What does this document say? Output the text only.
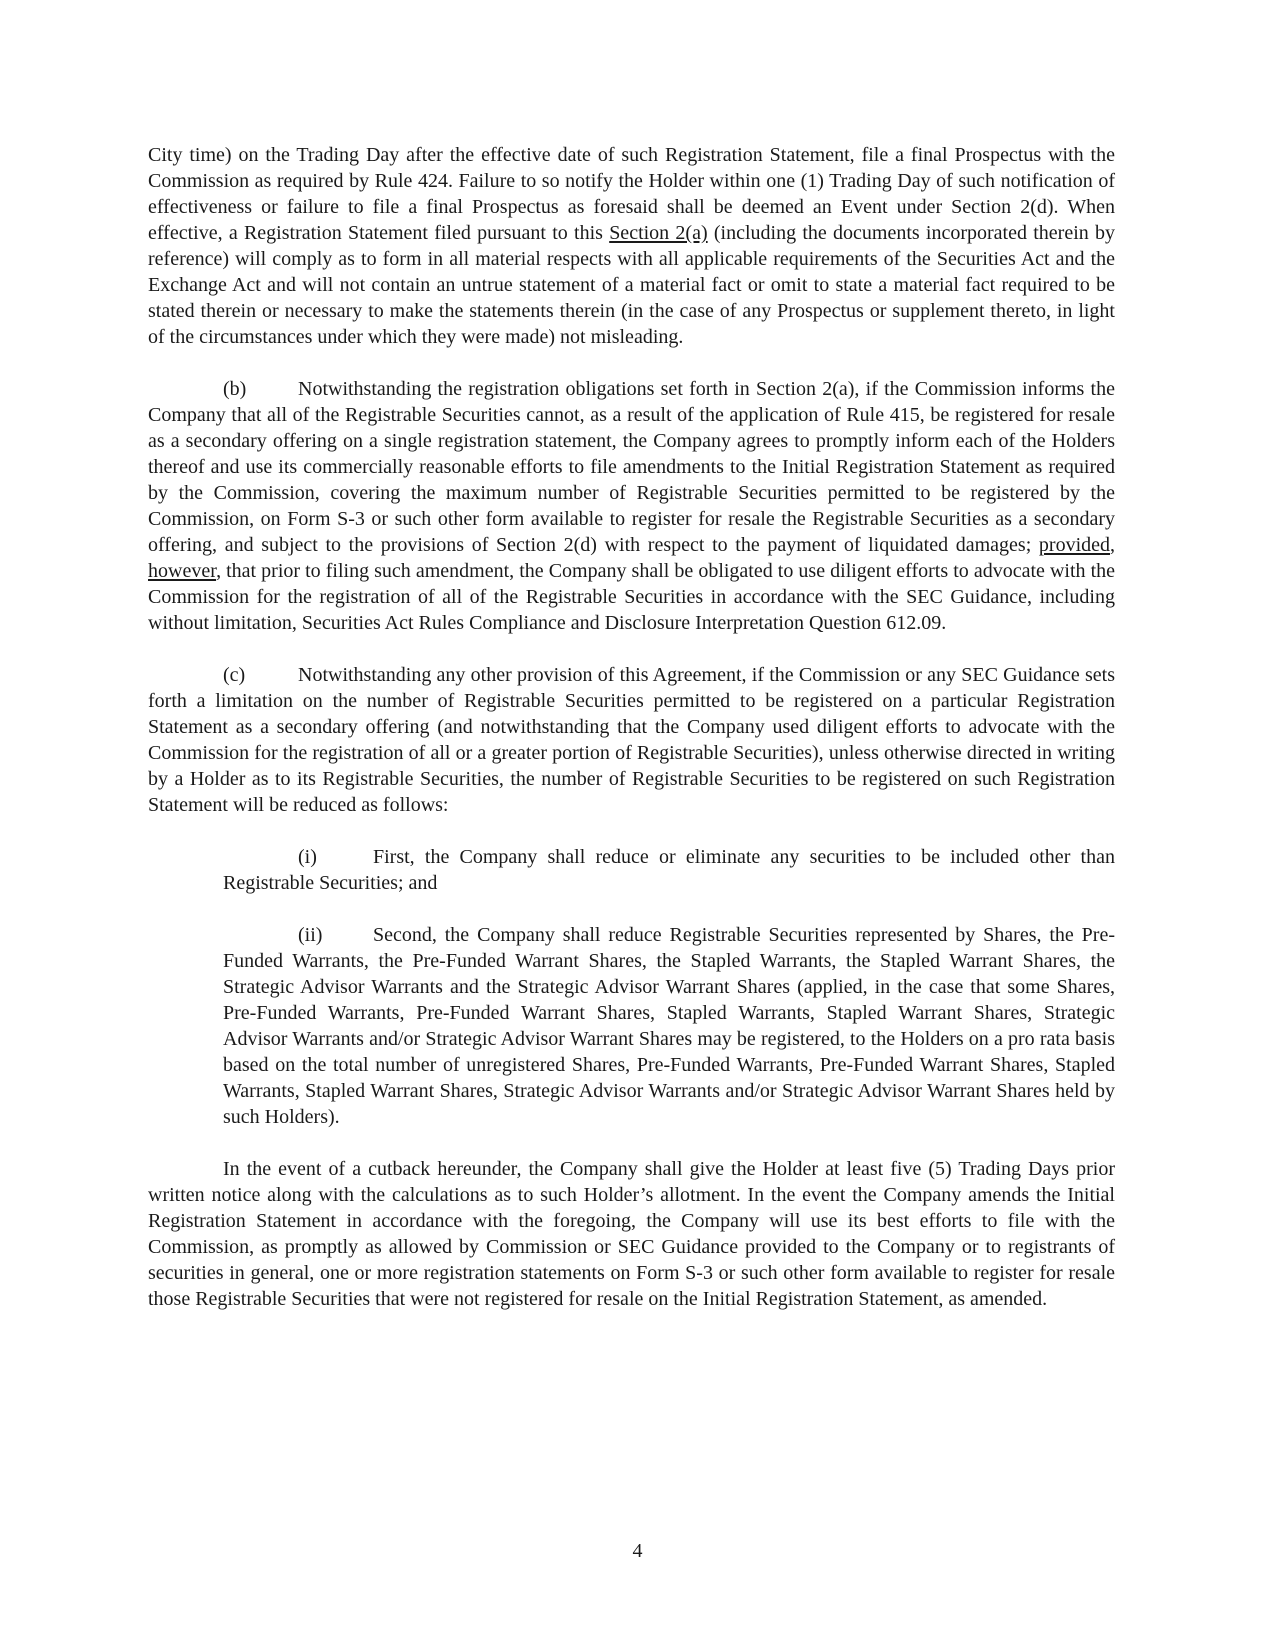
City time) on the Trading Day after the effective date of such Registration Statement, file a final Prospectus with the Commission as required by Rule 424. Failure to so notify the Holder within one (1) Trading Day of such notification of effectiveness or failure to file a final Prospectus as foresaid shall be deemed an Event under Section 2(d). When effective, a Registration Statement filed pursuant to this Section 2(a) (including the documents incorporated therein by reference) will comply as to form in all material respects with all applicable requirements of the Securities Act and the Exchange Act and will not contain an untrue statement of a material fact or omit to state a material fact required to be stated therein or necessary to make the statements therein (in the case of any Prospectus or supplement thereto, in light of the circumstances under which they were made) not misleading.

(b)	Notwithstanding the registration obligations set forth in Section 2(a), if the Commission informs the Company that all of the Registrable Securities cannot, as a result of the application of Rule 415, be registered for resale as a secondary offering on a single registration statement, the Company agrees to promptly inform each of the Holders thereof and use its commercially reasonable efforts to file amendments to the Initial Registration Statement as required by the Commission, covering the maximum number of Registrable Securities permitted to be registered by the Commission, on Form S-3 or such other form available to register for resale the Registrable Securities as a secondary offering, and subject to the provisions of Section 2(d) with respect to the payment of liquidated damages; provided, however, that prior to filing such amendment, the Company shall be obligated to use diligent efforts to advocate with the Commission for the registration of all of the Registrable Securities in accordance with the SEC Guidance, including without limitation, Securities Act Rules Compliance and Disclosure Interpretation Question 612.09.

(c)	Notwithstanding any other provision of this Agreement, if the Commission or any SEC Guidance sets forth a limitation on the number of Registrable Securities permitted to be registered on a particular Registration Statement as a secondary offering (and notwithstanding that the Company used diligent efforts to advocate with the Commission for the registration of all or a greater portion of Registrable Securities), unless otherwise directed in writing by a Holder as to its Registrable Securities, the number of Registrable Securities to be registered on such Registration Statement will be reduced as follows:

(i)	First, the Company shall reduce or eliminate any securities to be included other than Registrable Securities; and

(ii)	Second, the Company shall reduce Registrable Securities represented by Shares, the Pre-Funded Warrants, the Pre-Funded Warrant Shares, the Stapled Warrants, the Stapled Warrant Shares, the Strategic Advisor Warrants and the Strategic Advisor Warrant Shares (applied, in the case that some Shares, Pre-Funded Warrants, Pre-Funded Warrant Shares, Stapled Warrants, Stapled Warrant Shares, Strategic Advisor Warrants and/or Strategic Advisor Warrant Shares may be registered, to the Holders on a pro rata basis based on the total number of unregistered Shares, Pre-Funded Warrants, Pre-Funded Warrant Shares, Stapled Warrants, Stapled Warrant Shares, Strategic Advisor Warrants and/or Strategic Advisor Warrant Shares held by such Holders).

In the event of a cutback hereunder, the Company shall give the Holder at least five (5) Trading Days prior written notice along with the calculations as to such Holder’s allotment. In the event the Company amends the Initial Registration Statement in accordance with the foregoing, the Company will use its best efforts to file with the Commission, as promptly as allowed by Commission or SEC Guidance provided to the Company or to registrants of securities in general, one or more registration statements on Form S-3 or such other form available to register for resale those Registrable Securities that were not registered for resale on the Initial Registration Statement, as amended.

4
